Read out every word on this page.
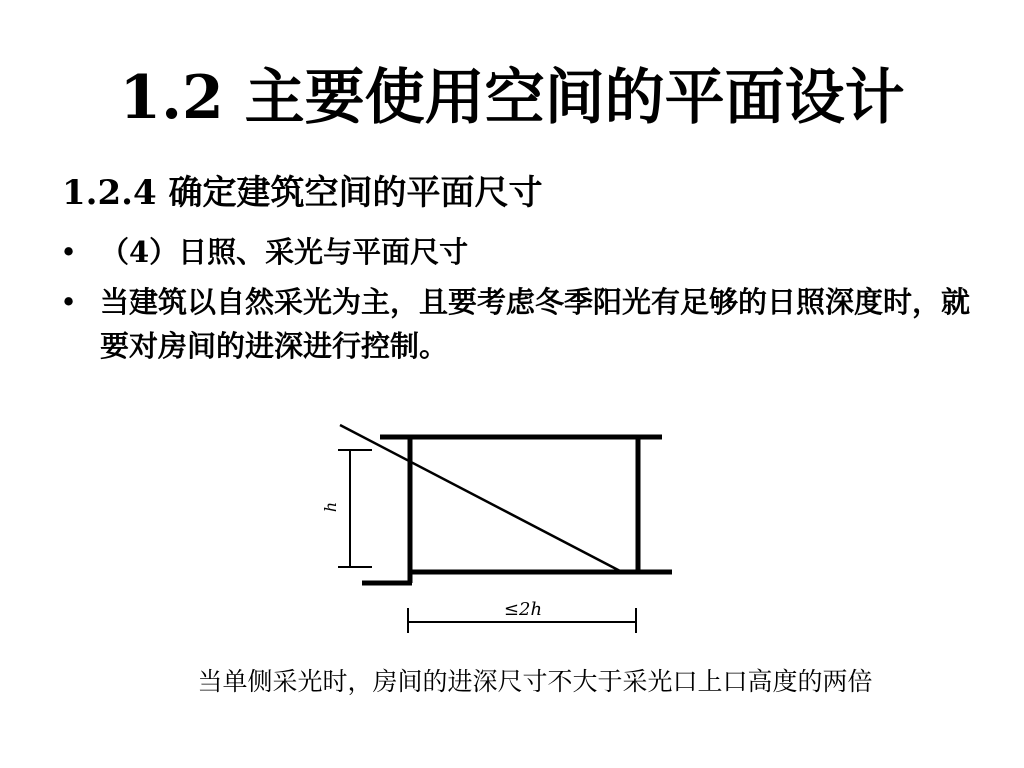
1.2 主要使用空间的平面设计
1.2.4 确定建筑空间的平面尺寸
• （4）日照、采光与平面尺寸
• 当建筑以自然采光为主，且要考虑冬季阳光有足够的日照深度时，就要对房间的进深进行控制。
h
≤2h

当单侧采光时，房间的进深尺寸不大于采光口上口高度的两倍
